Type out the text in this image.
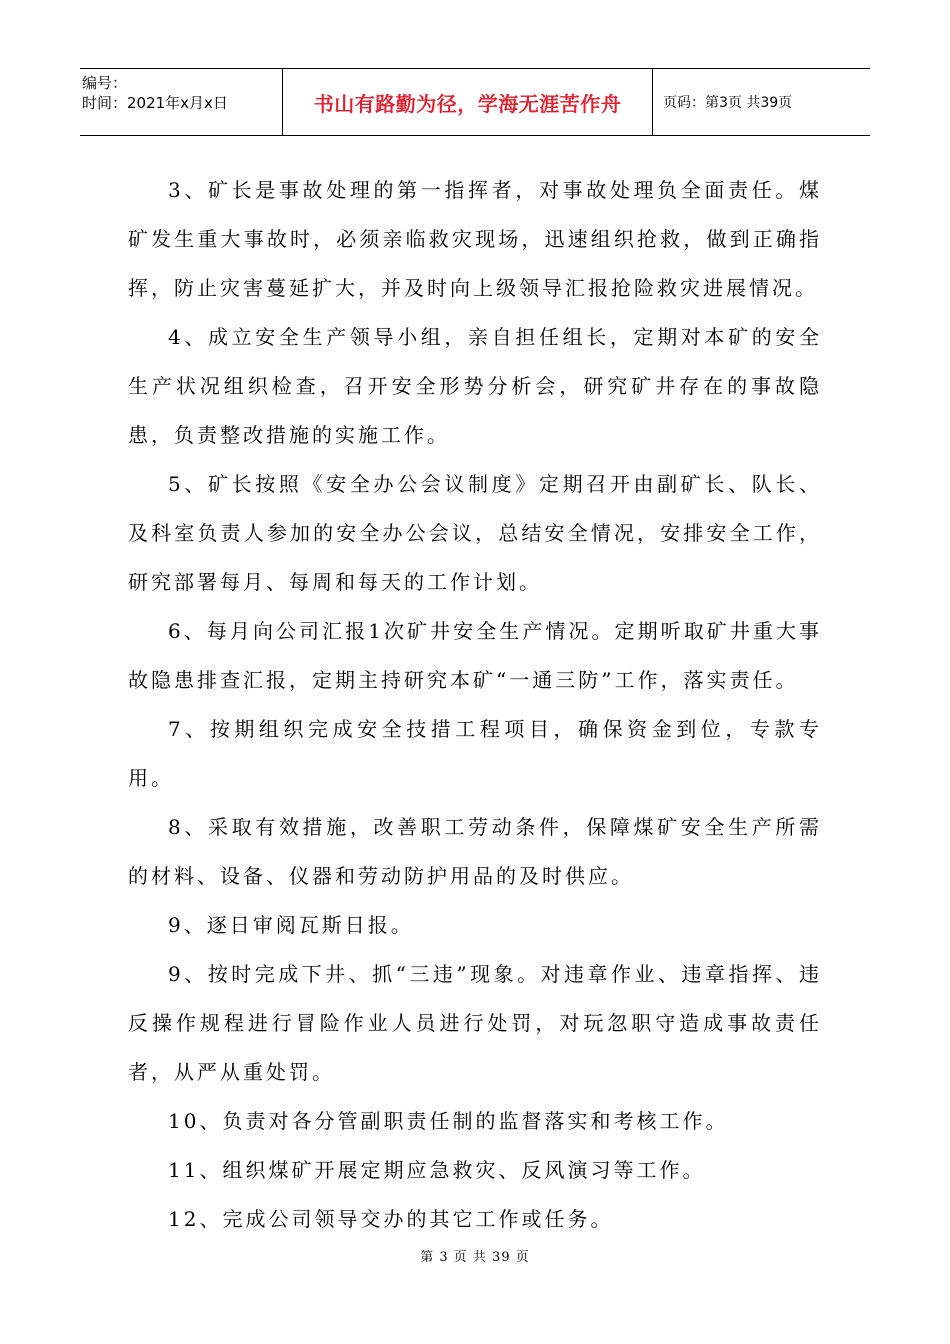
编号：
时间：2021年x月x日	书山有路勤为径，学海无涯苦作舟	页码：第3页 共39页

3、矿长是事故处理的第一指挥者，对事故处理负全面责任。煤矿发生重大事故时，必须亲临救灾现场，迅速组织抢救，做到正确指挥，防止灾害蔓延扩大，并及时向上级领导汇报抢险救灾进展情况。

4、成立安全生产领导小组，亲自担任组长，定期对本矿的安全生产状况组织检查，召开安全形势分析会，研究矿井存在的事故隐患，负责整改措施的实施工作。

5、矿长按照《安全办公会议制度》定期召开由副矿长、队长、及科室负责人参加的安全办公会议，总结安全情况，安排安全工作，研究部署每月、每周和每天的工作计划。

6、每月向公司汇报1次矿井安全生产情况。定期听取矿井重大事故隐患排查汇报，定期主持研究本矿“一通三防”工作，落实责任。

7、按期组织完成安全技措工程项目，确保资金到位，专款专用。

8、采取有效措施，改善职工劳动条件，保障煤矿安全生产所需的材料、设备、仪器和劳动防护用品的及时供应。

9、逐日审阅瓦斯日报。

9、按时完成下井、抓“三违”现象。对违章作业、违章指挥、违反操作规程进行冒险作业人员进行处罚，对玩忽职守造成事故责任者，从严从重处罚。

10、负责对各分管副职责任制的监督落实和考核工作。

11、组织煤矿开展定期应急救灾、反风演习等工作。

12、完成公司领导交办的其它工作或任务。

第 3 页 共 39 页
